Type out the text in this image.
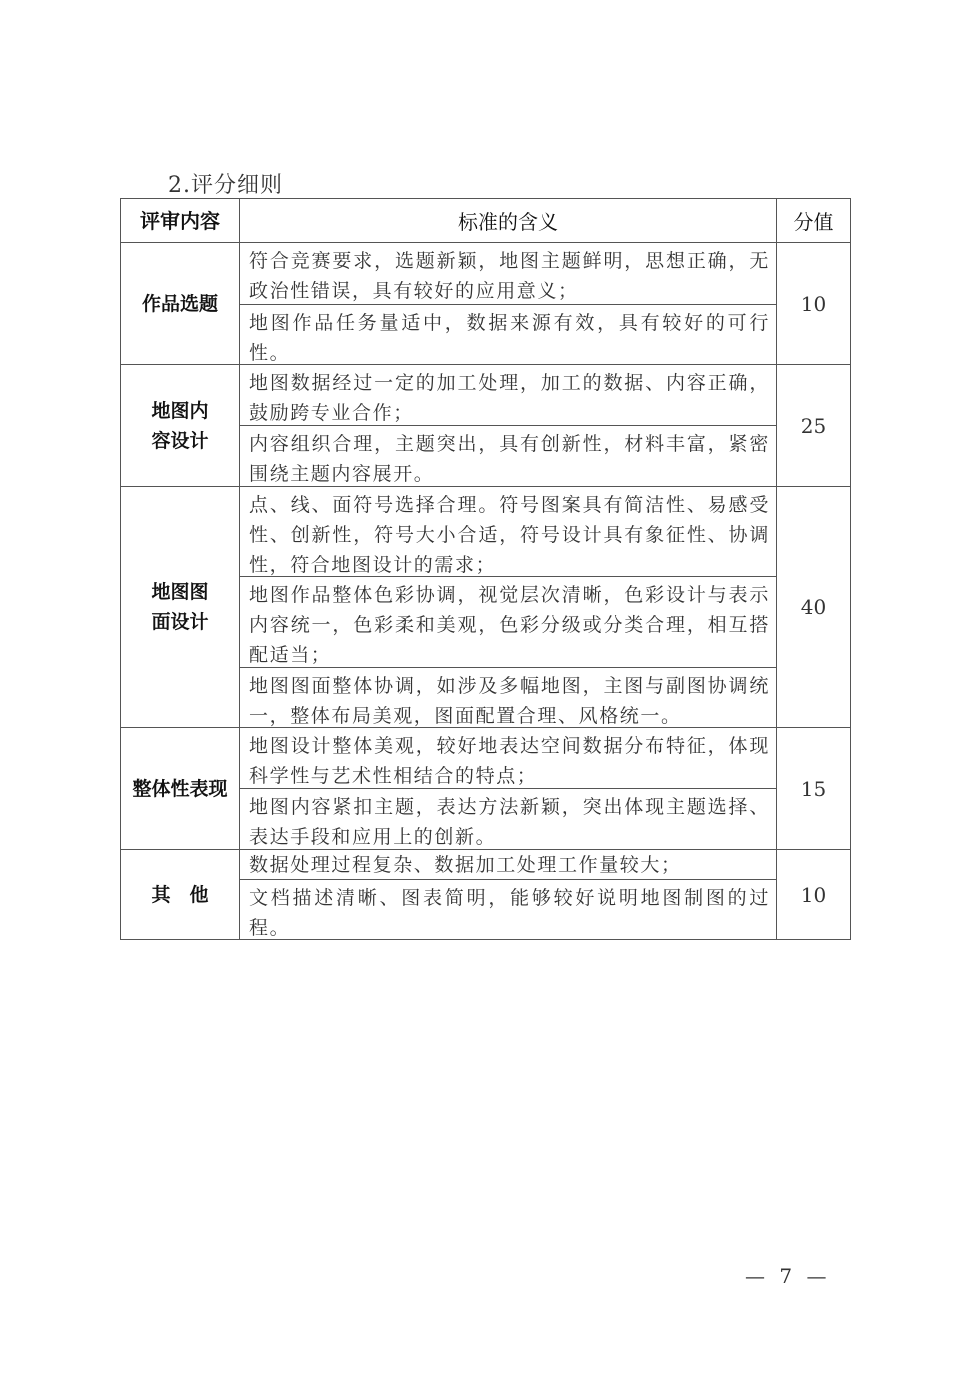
2.评分细则
评审内容	标准的含义	分值
作品选题
符合竞赛要求，选题新颖，地图主题鲜明，思想正确，无政治性错误，具有较好的应用意义；
地图作品任务量适中，数据来源有效，具有较好的可行性。
10
地图内容设计
地图数据经过一定的加工处理，加工的数据、内容正确，鼓励跨专业合作；
内容组织合理，主题突出，具有创新性，材料丰富，紧密围绕主题内容展开。
25
地图图面设计
点、线、面符号选择合理。符号图案具有简洁性、易感受性、创新性，符号大小合适，符号设计具有象征性、协调性，符合地图设计的需求；
地图作品整体色彩协调，视觉层次清晰，色彩设计与表示内容统一，色彩柔和美观，色彩分级或分类合理，相互搭配适当；
地图图面整体协调，如涉及多幅地图，主图与副图协调统一，整体布局美观，图面配置合理、风格统一。
40
整体性表现
地图设计整体美观，较好地表达空间数据分布特征，体现科学性与艺术性相结合的特点；
地图内容紧扣主题，表达方法新颖，突出体现主题选择、表达手段和应用上的创新。
15
其　他
数据处理过程复杂、数据加工处理工作量较大；
文档描述清晰、图表简明，能够较好说明地图制图的过程。
10
— 7 —
